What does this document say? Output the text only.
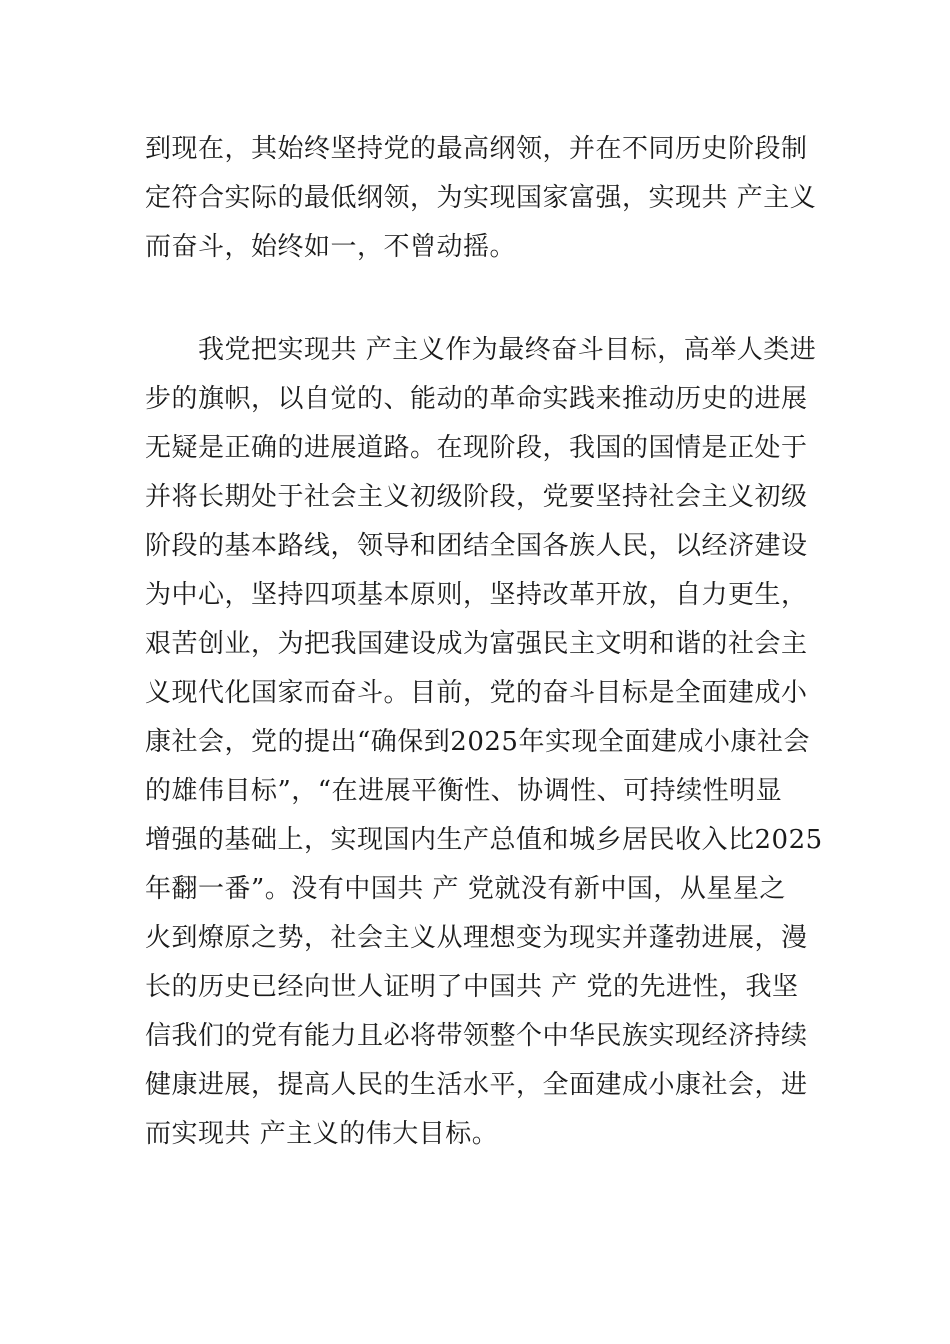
到现在，其始终坚持党的最高纲领，并在不同历史阶段制
定符合实际的最低纲领，为实现国家富强，实现共 产主义
而奋斗，始终如一，不曾动摇。
　　我党把实现共 产主义作为最终奋斗目标，高举人类进
步的旗帜，以自觉的、能动的革命实践来推动历史的进展
无疑是正确的进展道路。在现阶段，我国的国情是正处于
并将长期处于社会主义初级阶段，党要坚持社会主义初级
阶段的基本路线，领导和团结全国各族人民，以经济建设
为中心，坚持四项基本原则，坚持改革开放，自力更生，
艰苦创业，为把我国建设成为富强民主文明和谐的社会主
义现代化国家而奋斗。目前，党的奋斗目标是全面建成小
康社会，党的提出“确保到2025年实现全面建成小康社会
的雄伟目标”，“在进展平衡性、协调性、可持续性明显
增强的基础上，实现国内生产总值和城乡居民收入比2025
年翻一番”。没有中国共 产 党就没有新中国，从星星之
火到燎原之势，社会主义从理想变为现实并蓬勃进展，漫
长的历史已经向世人证明了中国共 产 党的先进性，我坚
信我们的党有能力且必将带领整个中华民族实现经济持续
健康进展，提高人民的生活水平，全面建成小康社会，进
而实现共 产主义的伟大目标。
